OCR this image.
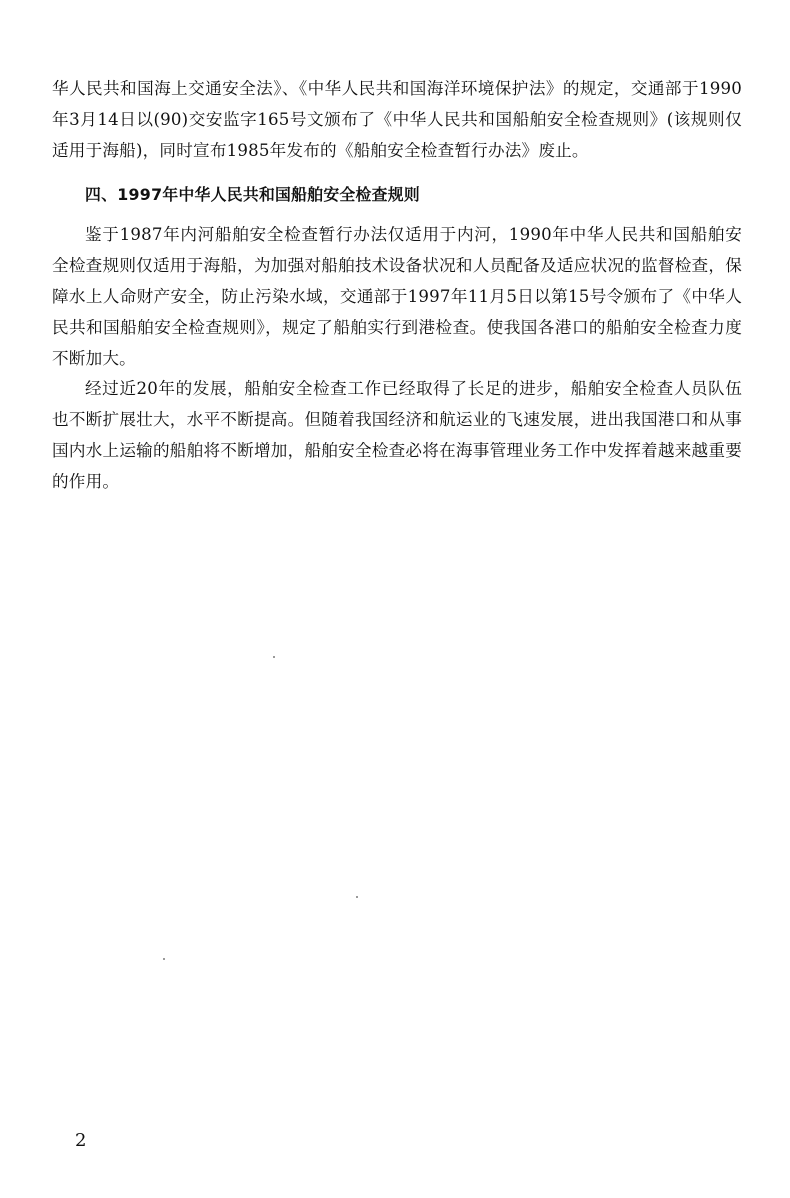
华人民共和国海上交通安全法》、《中华人民共和国海洋环境保护法》的规定，交通部于1990年3月14日以(90)交安监字165号文颁布了《中华人民共和国船舶安全检查规则》(该规则仅适用于海船)，同时宣布1985年发布的《船舶安全检查暂行办法》废止。

四、1997年中华人民共和国船舶安全检查规则

鉴于1987年内河船舶安全检查暂行办法仅适用于内河，1990年中华人民共和国船舶安全检查规则仅适用于海船，为加强对船舶技术设备状况和人员配备及适应状况的监督检查，保障水上人命财产安全，防止污染水域，交通部于1997年11月5日以第15号令颁布了《中华人民共和国船舶安全检查规则》，规定了船舶实行到港检查。使我国各港口的船舶安全检查力度不断加大。

经过近20年的发展，船舶安全检查工作已经取得了长足的进步，船舶安全检查人员队伍也不断扩展壮大，水平不断提高。但随着我国经济和航运业的飞速发展，进出我国港口和从事国内水上运输的船舶将不断增加，船舶安全检查必将在海事管理业务工作中发挥着越来越重要的作用。

2
